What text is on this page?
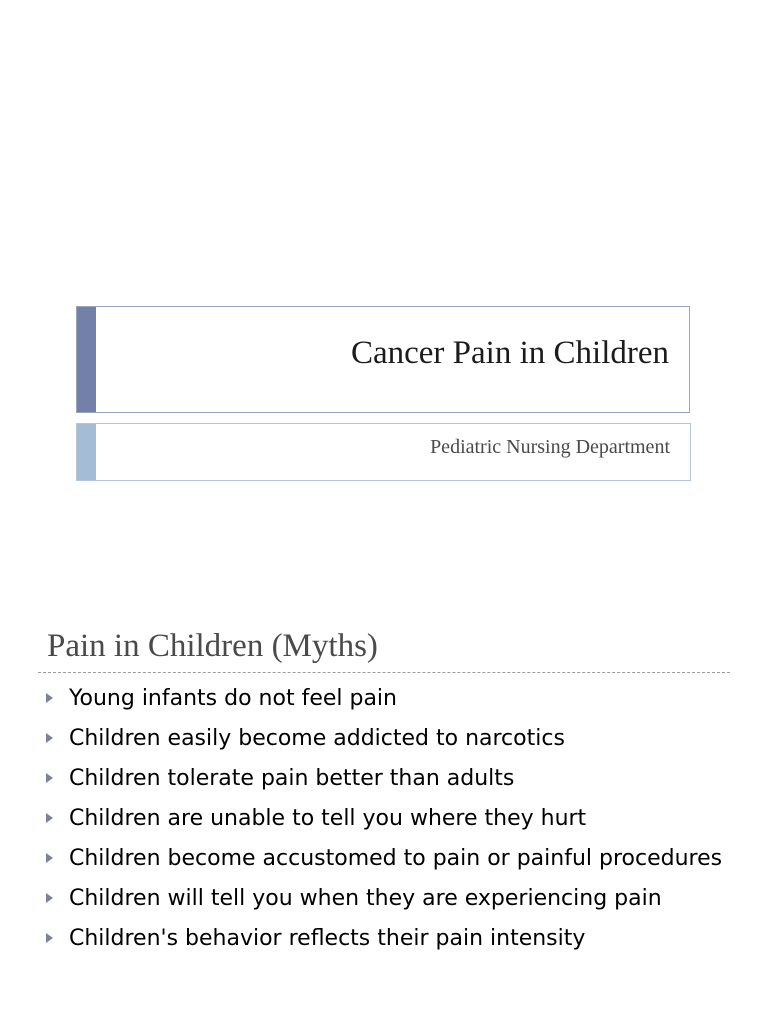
Cancer Pain in Children
Pediatric Nursing Department
Pain in Children (Myths)
Young infants do not feel pain
Children easily become addicted to narcotics
Children tolerate pain better than adults
Children are unable to tell you where they hurt
Children become accustomed to pain or painful procedures
Children will tell you when they are experiencing pain
Children's behavior reflects their pain intensity
